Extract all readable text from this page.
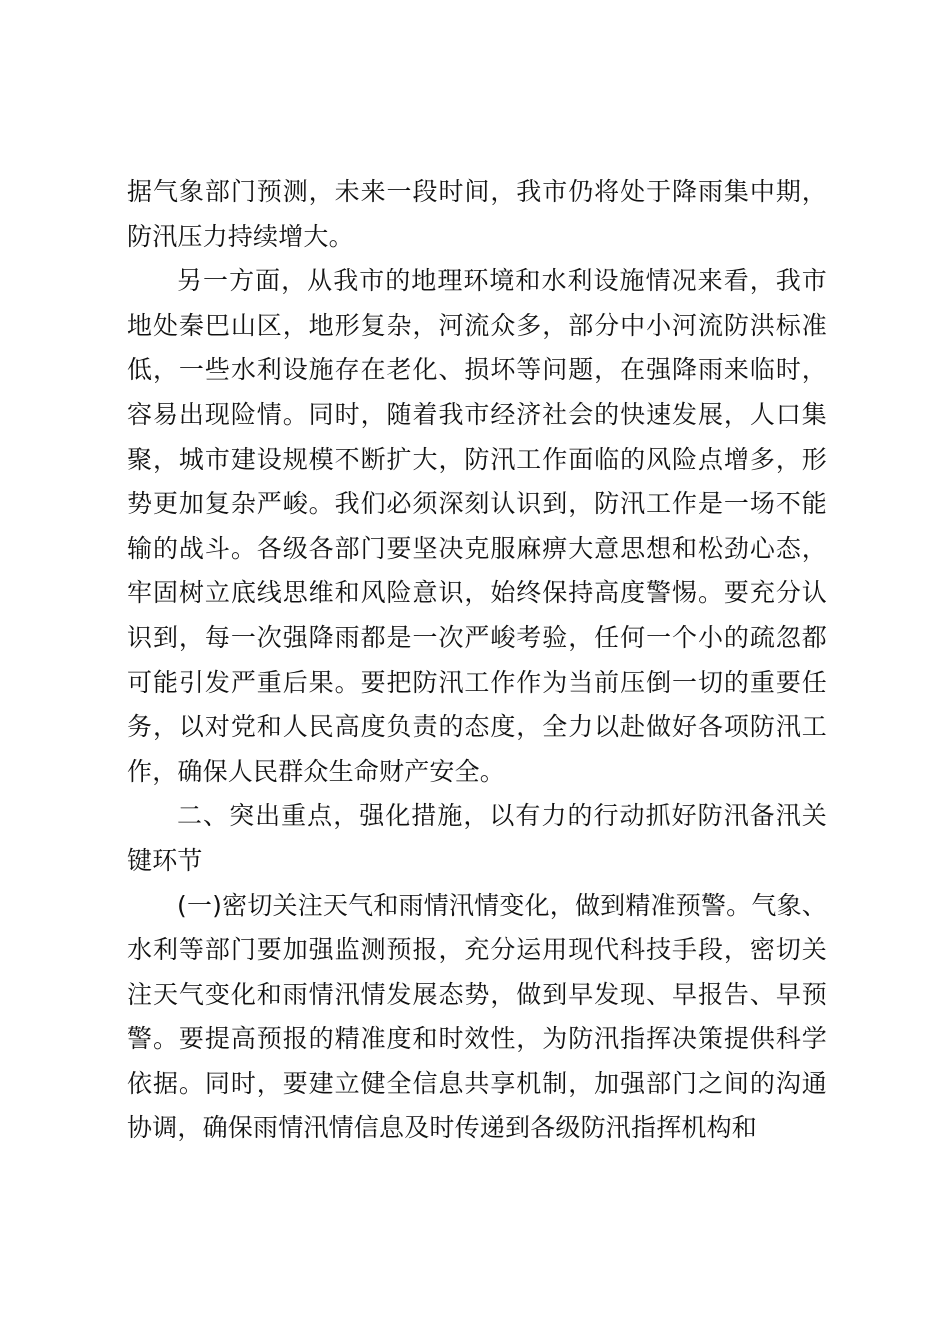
据气象部门预测，未来一段时间，我市仍将处于降雨集中期，防汛压力持续增大。

另一方面，从我市的地理环境和水利设施情况来看，我市地处秦巴山区，地形复杂，河流众多，部分中小河流防洪标准低，一些水利设施存在老化、损坏等问题，在强降雨来临时，容易出现险情。同时，随着我市经济社会的快速发展，人口集聚，城市建设规模不断扩大，防汛工作面临的风险点增多，形势更加复杂严峻。我们必须深刻认识到，防汛工作是一场不能输的战斗。各级各部门要坚决克服麻痹大意思想和松劲心态，牢固树立底线思维和风险意识，始终保持高度警惕。要充分认识到，每一次强降雨都是一次严峻考验，任何一个小的疏忽都可能引发严重后果。要把防汛工作作为当前压倒一切的重要任务，以对党和人民高度负责的态度，全力以赴做好各项防汛工作，确保人民群众生命财产安全。

二、突出重点，强化措施，以有力的行动抓好防汛备汛关键环节

(一)密切关注天气和雨情汛情变化，做到精准预警。气象、水利等部门要加强监测预报，充分运用现代科技手段，密切关注天气变化和雨情汛情发展态势，做到早发现、早报告、早预警。要提高预报的精准度和时效性，为防汛指挥决策提供科学依据。同时，要建立健全信息共享机制，加强部门之间的沟通协调，确保雨情汛情信息及时传递到各级防汛指挥机构和
